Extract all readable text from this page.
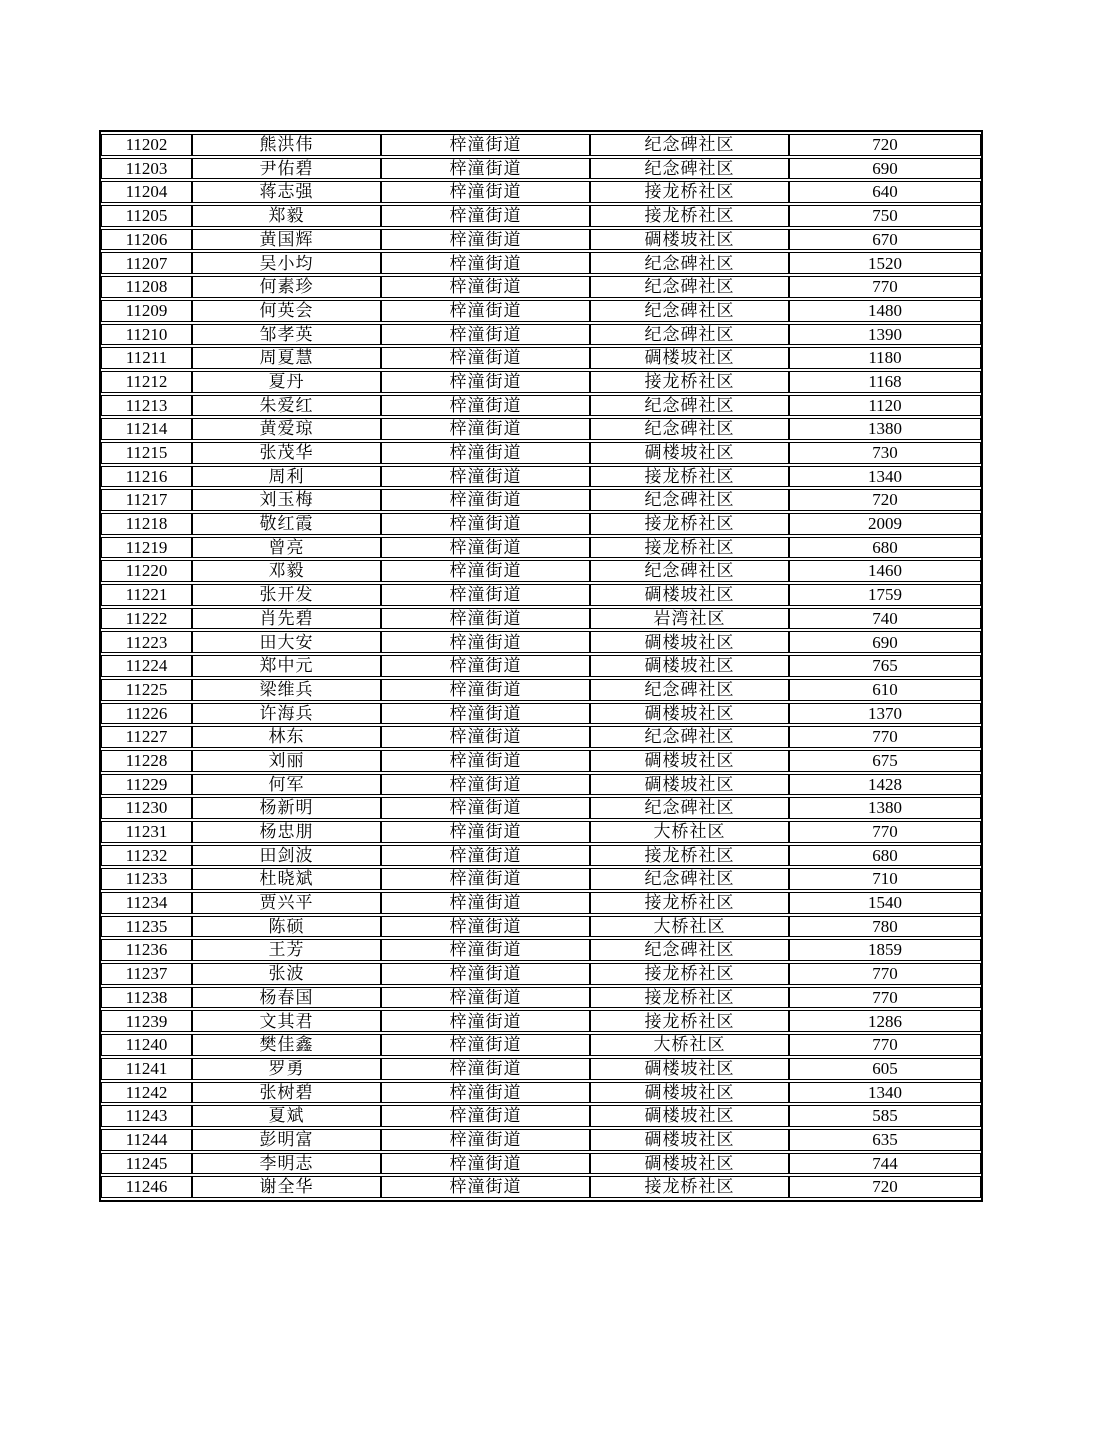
11202	熊洪伟	梓潼街道	纪念碑社区	720
11203	尹佑碧	梓潼街道	纪念碑社区	690
11204	蒋志强	梓潼街道	接龙桥社区	640
11205	郑毅	梓潼街道	接龙桥社区	750
11206	黄国辉	梓潼街道	碉楼坡社区	670
11207	吴小均	梓潼街道	纪念碑社区	1520
11208	何素珍	梓潼街道	纪念碑社区	770
11209	何英会	梓潼街道	纪念碑社区	1480
11210	邹孝英	梓潼街道	纪念碑社区	1390
11211	周夏慧	梓潼街道	碉楼坡社区	1180
11212	夏丹	梓潼街道	接龙桥社区	1168
11213	朱爱红	梓潼街道	纪念碑社区	1120
11214	黄爱琼	梓潼街道	纪念碑社区	1380
11215	张茂华	梓潼街道	碉楼坡社区	730
11216	周利	梓潼街道	接龙桥社区	1340
11217	刘玉梅	梓潼街道	纪念碑社区	720
11218	敬红霞	梓潼街道	接龙桥社区	2009
11219	曾亮	梓潼街道	接龙桥社区	680
11220	邓毅	梓潼街道	纪念碑社区	1460
11221	张开发	梓潼街道	碉楼坡社区	1759
11222	肖先碧	梓潼街道	岩湾社区	740
11223	田大安	梓潼街道	碉楼坡社区	690
11224	郑中元	梓潼街道	碉楼坡社区	765
11225	梁维兵	梓潼街道	纪念碑社区	610
11226	许海兵	梓潼街道	碉楼坡社区	1370
11227	林东	梓潼街道	纪念碑社区	770
11228	刘丽	梓潼街道	碉楼坡社区	675
11229	何军	梓潼街道	碉楼坡社区	1428
11230	杨新明	梓潼街道	纪念碑社区	1380
11231	杨忠朋	梓潼街道	大桥社区	770
11232	田剑波	梓潼街道	接龙桥社区	680
11233	杜晓斌	梓潼街道	纪念碑社区	710
11234	贾兴平	梓潼街道	接龙桥社区	1540
11235	陈硕	梓潼街道	大桥社区	780
11236	王芳	梓潼街道	纪念碑社区	1859
11237	张波	梓潼街道	接龙桥社区	770
11238	杨春国	梓潼街道	接龙桥社区	770
11239	文其君	梓潼街道	接龙桥社区	1286
11240	樊佳鑫	梓潼街道	大桥社区	770
11241	罗勇	梓潼街道	碉楼坡社区	605
11242	张树碧	梓潼街道	碉楼坡社区	1340
11243	夏斌	梓潼街道	碉楼坡社区	585
11244	彭明富	梓潼街道	碉楼坡社区	635
11245	李明志	梓潼街道	碉楼坡社区	744
11246	谢全华	梓潼街道	接龙桥社区	720
